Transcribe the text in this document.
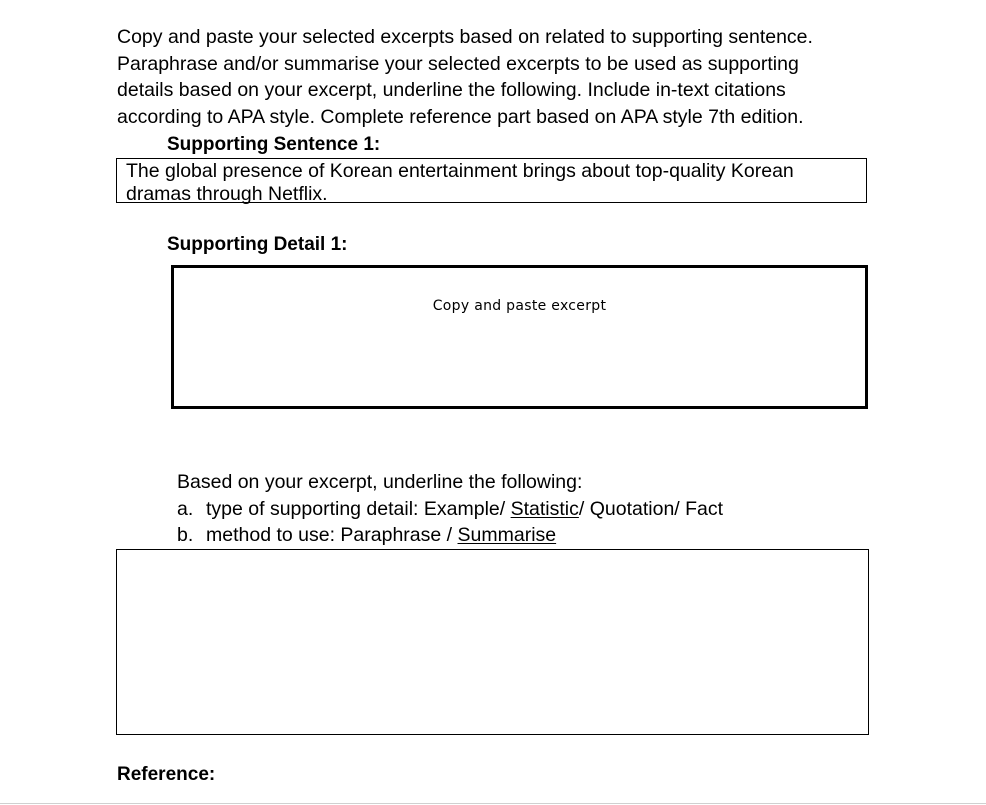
Copy and paste your selected excerpts based on related to supporting sentence.

Paraphrase and/or summarise your selected excerpts to be used as supporting

details based on your excerpt, underline the following. Include in-text citations

according to APA style. Complete reference part based on APA style 7th edition.

Supporting Sentence 1:
The global presence of Korean entertainment brings about top-quality Korean
dramas through Netflix.
Supporting Detail 1:
Copy and paste excerpt
Based on your excerpt, underline the following:
a. type of supporting detail: Example/ Statistic/ Quotation/ Fact
b. method to use: Paraphrase / Summarise
Reference:
